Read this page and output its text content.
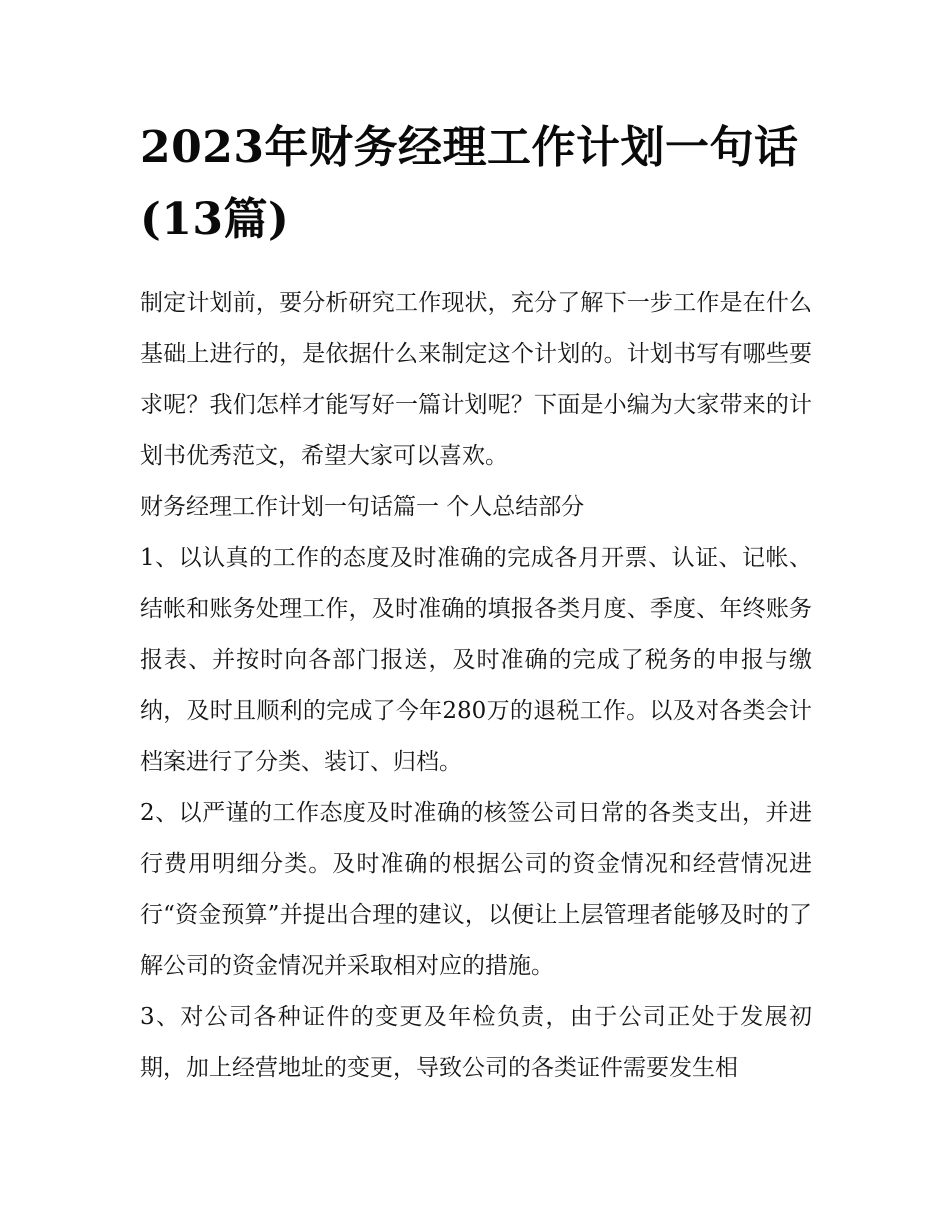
2023年财务经理工作计划一句话(13篇)

制定计划前，要分析研究工作现状，充分了解下一步工作是在什么基础上进行的，是依据什么来制定这个计划的。计划书写有哪些要求呢？我们怎样才能写好一篇计划呢？下面是小编为大家带来的计划书优秀范文，希望大家可以喜欢。

财务经理工作计划一句话篇一 个人总结部分

1、以认真的工作的态度及时准确的完成各月开票、认证、记帐、结帐和账务处理工作，及时准确的填报各类月度、季度、年终账务报表、并按时向各部门报送，及时准确的完成了税务的申报与缴纳，及时且顺利的完成了今年280万的退税工作。以及对各类会计档案进行了分类、装订、归档。

2、以严谨的工作态度及时准确的核签公司日常的各类支出，并进行费用明细分类。及时准确的根据公司的资金情况和经营情况进行“资金预算”并提出合理的建议，以便让上层管理者能够及时的了解公司的资金情况并采取相对应的措施。

3、对公司各种证件的变更及年检负责，由于公司正处于发展初期，加上经营地址的变更，导致公司的各类证件需要发生相
